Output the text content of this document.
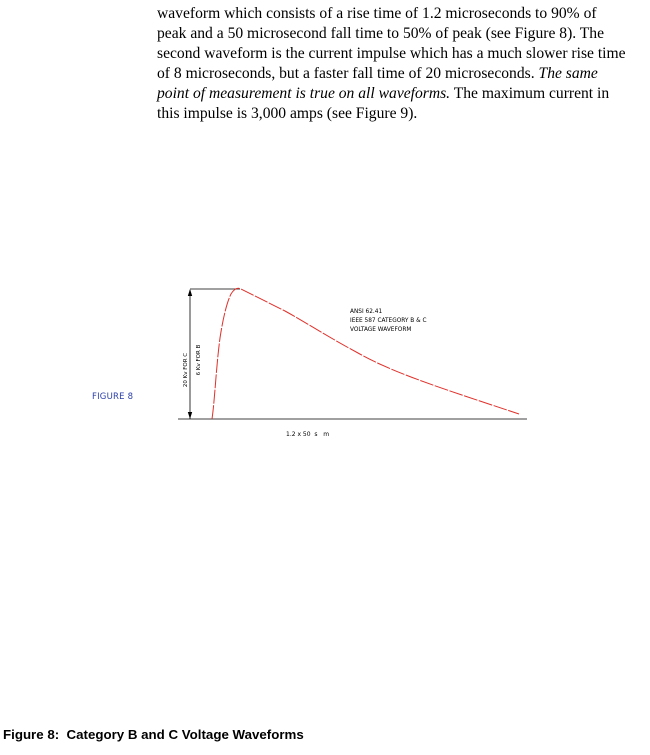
waveform which consists of a rise time of 1.2 microseconds to 90% of
peak and a 50 microsecond fall time to 50% of peak (see Figure 8). The
second waveform is the current impulse which has a much slower rise time
of 8 microseconds, but a faster fall time of 20 microseconds. The same
point of measurement is true on all waveforms. The maximum current in
this impulse is 3,000 amps (see Figure 9).
FIGURE 8
20 Kv FOR C 6 Kv FOR B
ANSI 62.41
IEEE 587 CATEGORY B & C
VOLTAGE WAVEFORM
1.2 x 50  s   m
Figure 8:  Category B and C Voltage Waveforms
